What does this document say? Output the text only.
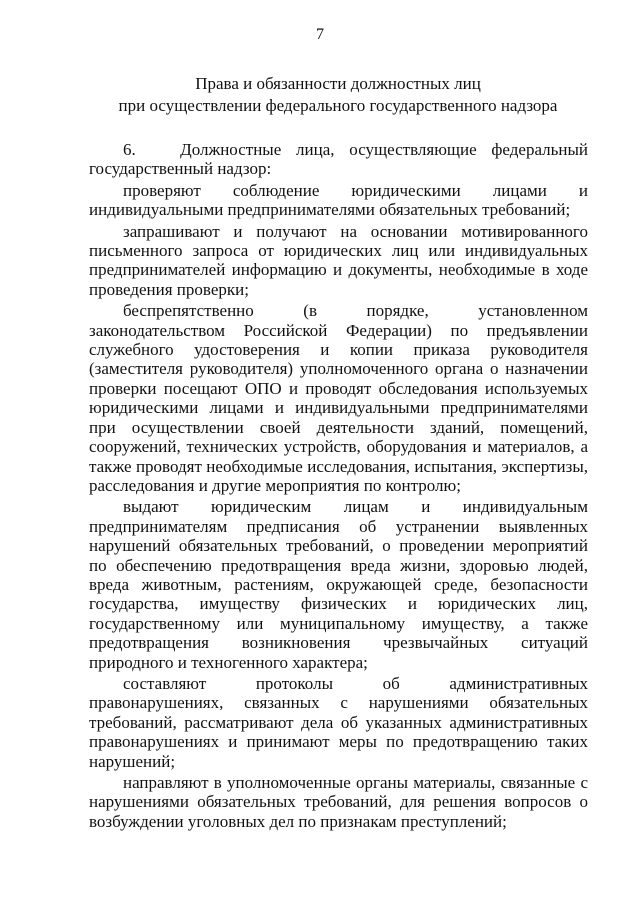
7
Права и обязанности должностных лиц
при осуществлении федерального государственного надзора

6.   Должностные лица, осуществляющие федеральный государственный надзор:

проверяют соблюдение юридическими лицами и индивидуальными предпринимателями обязательных требований;

запрашивают и получают на основании мотивированного письменного запроса от юридических лиц или индивидуальных предпринимателей информацию и документы, необходимые в ходе проведения проверки;

беспрепятственно (в порядке, установленном законодательством Российской Федерации) по предъявлении служебного удостоверения и копии приказа руководителя (заместителя руководителя) уполномоченного органа о назначении проверки посещают ОПО и проводят обследования используемых юридическими лицами и индивидуальными предпринимателями при осуществлении своей деятельности зданий, помещений, сооружений, технических устройств, оборудования и материалов, а также проводят необходимые исследования, испытания, экспертизы, расследования и другие мероприятия по контролю;

выдают юридическим лицам и индивидуальным предпринимателям предписания об устранении выявленных нарушений обязательных требований, о проведении мероприятий по обеспечению предотвращения вреда жизни, здоровью людей, вреда животным, растениям, окружающей среде, безопасности государства, имуществу физических и юридических лиц, государственному или муниципальному имуществу, а также предотвращения возникновения чрезвычайных ситуаций природного и техногенного характера;

составляют протоколы об административных правонарушениях, связанных с нарушениями обязательных требований, рассматривают дела об указанных административных правонарушениях и принимают меры по предотвращению таких нарушений;

направляют в уполномоченные органы материалы, связанные с нарушениями обязательных требований, для решения вопросов о возбуждении уголовных дел по признакам преступлений;
